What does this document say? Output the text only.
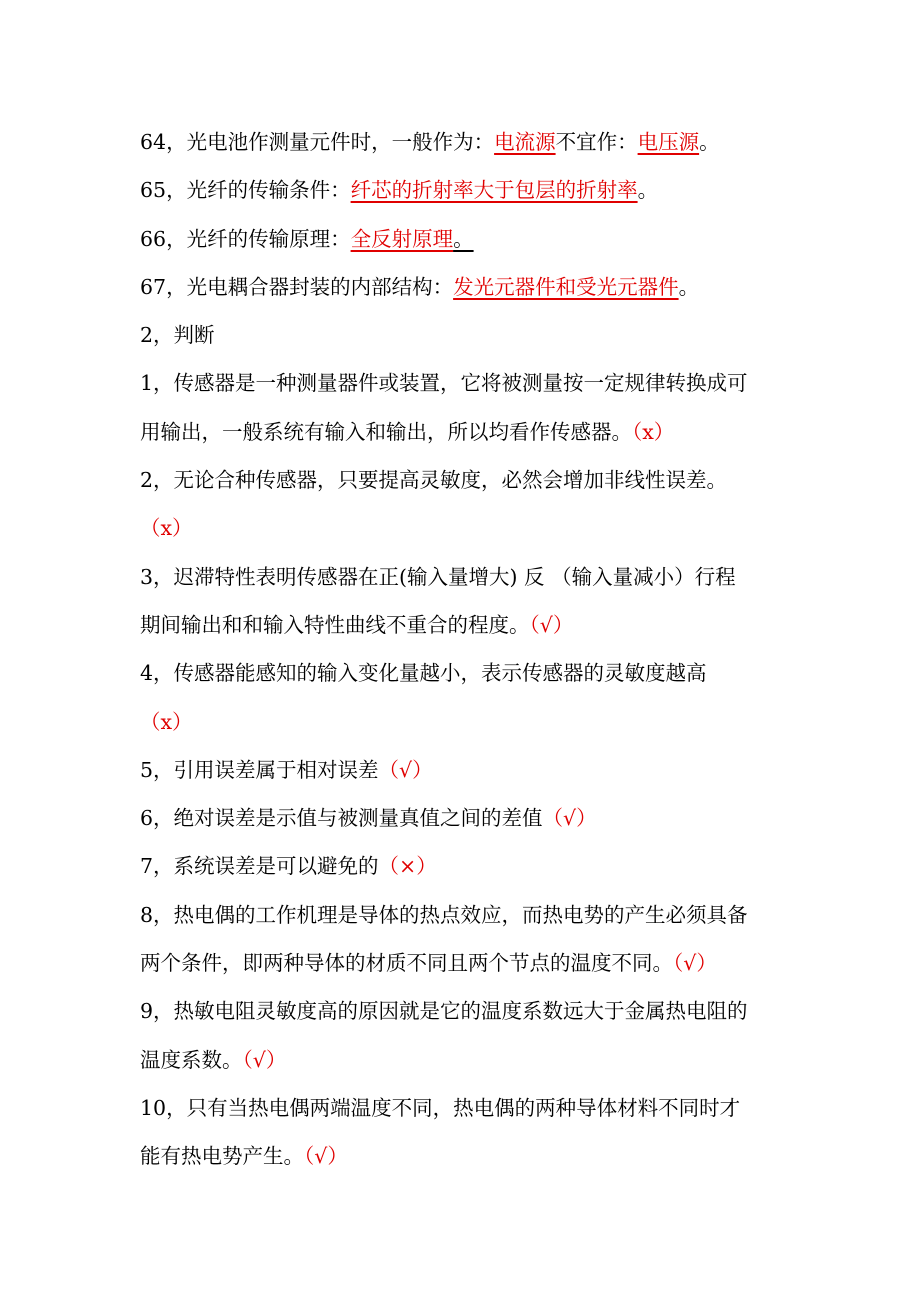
64，光电池作测量元件时，一般作为：电流源不宜作：电压源。
65，光纤的传输条件：纤芯的折射率大于包层的折射率。
66，光纤的传输原理：全反射原理。
67，光电耦合器封装的内部结构：发光元器件和受光元器件。
2，判断
1，传感器是一种测量器件或装置，它将被测量按一定规律转换成可
用输出，一般系统有输入和输出，所以均看作传感器。（x）
2，无论合种传感器，只要提高灵敏度，必然会增加非线性误差。
（x）
3，迟滞特性表明传感器在正(输入量增大) 反 （输入量减小）行程
期间输出和和输入特性曲线不重合的程度。（√）
4，传感器能感知的输入变化量越小，表示传感器的灵敏度越高
（x）
5，引用误差属于相对误差（√）
6，绝对误差是示值与被测量真值之间的差值（√）
7，系统误差是可以避免的（×）
8，热电偶的工作机理是导体的热点效应，而热电势的产生必须具备
两个条件，即两种导体的材质不同且两个节点的温度不同。（√）
9，热敏电阻灵敏度高的原因就是它的温度系数远大于金属热电阻的
温度系数。（√）
10，只有当热电偶两端温度不同，热电偶的两种导体材料不同时才
能有热电势产生。（√）
